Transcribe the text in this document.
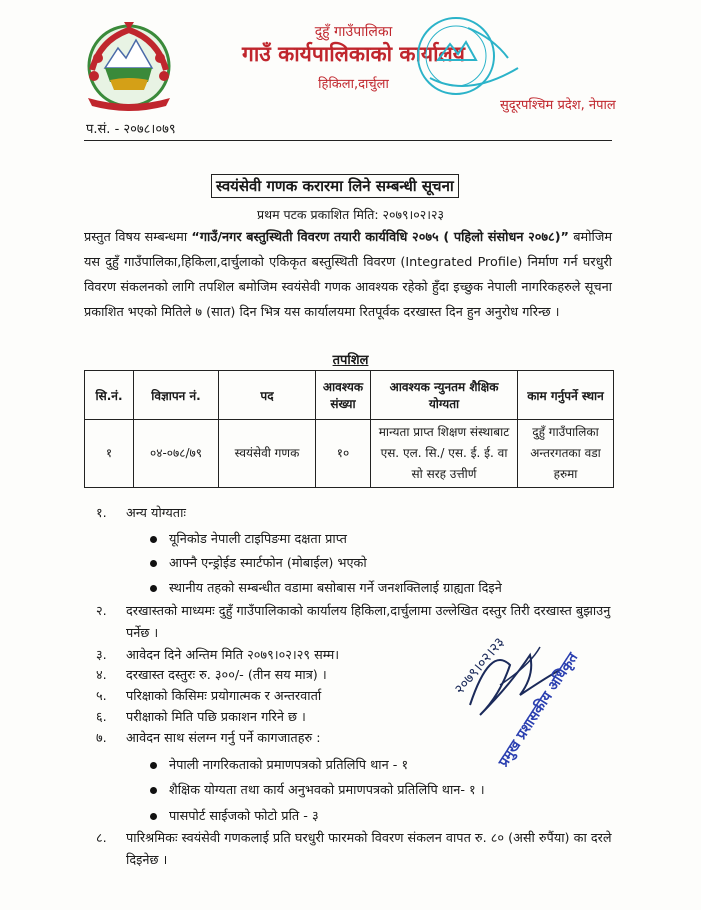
दुहुँ गाउँपालिका
गाउँ कार्यपालिकाको कार्यालय
हिकिला,दार्चुला
सुदूरपश्चिम प्रदेश, नेपाल
प.सं. - २०७८।०७९
स्वयंसेवी गणक करारमा लिने सम्बन्धी सूचना
प्रथम पटक प्रकाशित मिति: २०७९।०२।२३
प्रस्तुत विषय सम्बन्धमा “गाउँ/नगर बस्तुस्थिती विवरण तयारी कार्यविधि २०७५ ( पहिलो संसोधन २०७८)” बमोजिम यस दुहुँ गाउँपालिका,हिकिला,दार्चुलाको एकिकृत बस्तुस्थिती विवरण (Integrated Profile) निर्माण गर्न घरधुरी विवरण संकलनको लागि तपशिल बमोजिम स्वयंसेवी गणक आवश्यक रहेको हुँदा इच्छुक नेपाली नागरिकहरुले सूचना प्रकाशित भएको मितिले ७ (सात) दिन भित्र यस कार्यालयमा रितपूर्वक दरखास्त दिन हुन अनुरोध गरिन्छ ।
तपशिल
सि.नं.	विज्ञापन नं.	पद	आवश्यक संख्या	आवश्यक न्युनतम शैक्षिक योग्यता	काम गर्नुपर्ने स्थान
१	०४-०७८/७९	स्वयंसेवी गणक	१०	मान्यता प्राप्त शिक्षण संस्थाबाट एस. एल. सि./ एस. ई. ई. वा सो सरह उत्तीर्ण	दुहुँ गाउँपालिका अन्तरगतका वडा हरुमा
१.	अन्य योग्यताः
यूनिकोड नेपाली टाइपिङमा दक्षता प्राप्त
आफ्नै एन्ड्रोईड स्मार्टफोन (मोबाईल) भएको
स्थानीय तहको सम्बन्धीत वडामा बसोबास गर्ने जनशक्तिलाई ग्राह्यता दिइने
२.	दरखास्तको माध्यमः दुहुँ गाउँपालिकाको कार्यालय हिकिला,दार्चुलामा उल्लेखित दस्तुर तिरी दरखास्त बुझाउनु पर्नेछ ।
३.	आवेदन दिने अन्तिम मिति २०७९।०२।२९ सम्म।
४.	दरखास्त दस्तुरः रु. ३००/- (तीन सय मात्र) ।
५.	परिक्षाको किसिमः प्रयोगात्मक र अन्तरवार्ता
६.	परीक्षाको मिति पछि प्रकाशन गरिने छ ।
७.	आवेदन साथ संलग्न गर्नु पर्ने कागजातहरु :
नेपाली नागरिकताको प्रमाणपत्रको प्रतिलिपि थान - १
शैक्षिक योग्यता तथा कार्य अनुभवको प्रमाणपत्रको प्रतिलिपि थान- १ ।
पासपोर्ट साईजको फोटो प्रति - ३
८.	पारिश्रमिकः स्वयंसेवी गणकलाई प्रति घरधुरी फारमको विवरण संकलन वापत रु. ८० (असी रुपैंया) का दरले दिइनेछ ।
२०७९।०२।२३
प्रमुख प्रशासकीय अधिकृत
